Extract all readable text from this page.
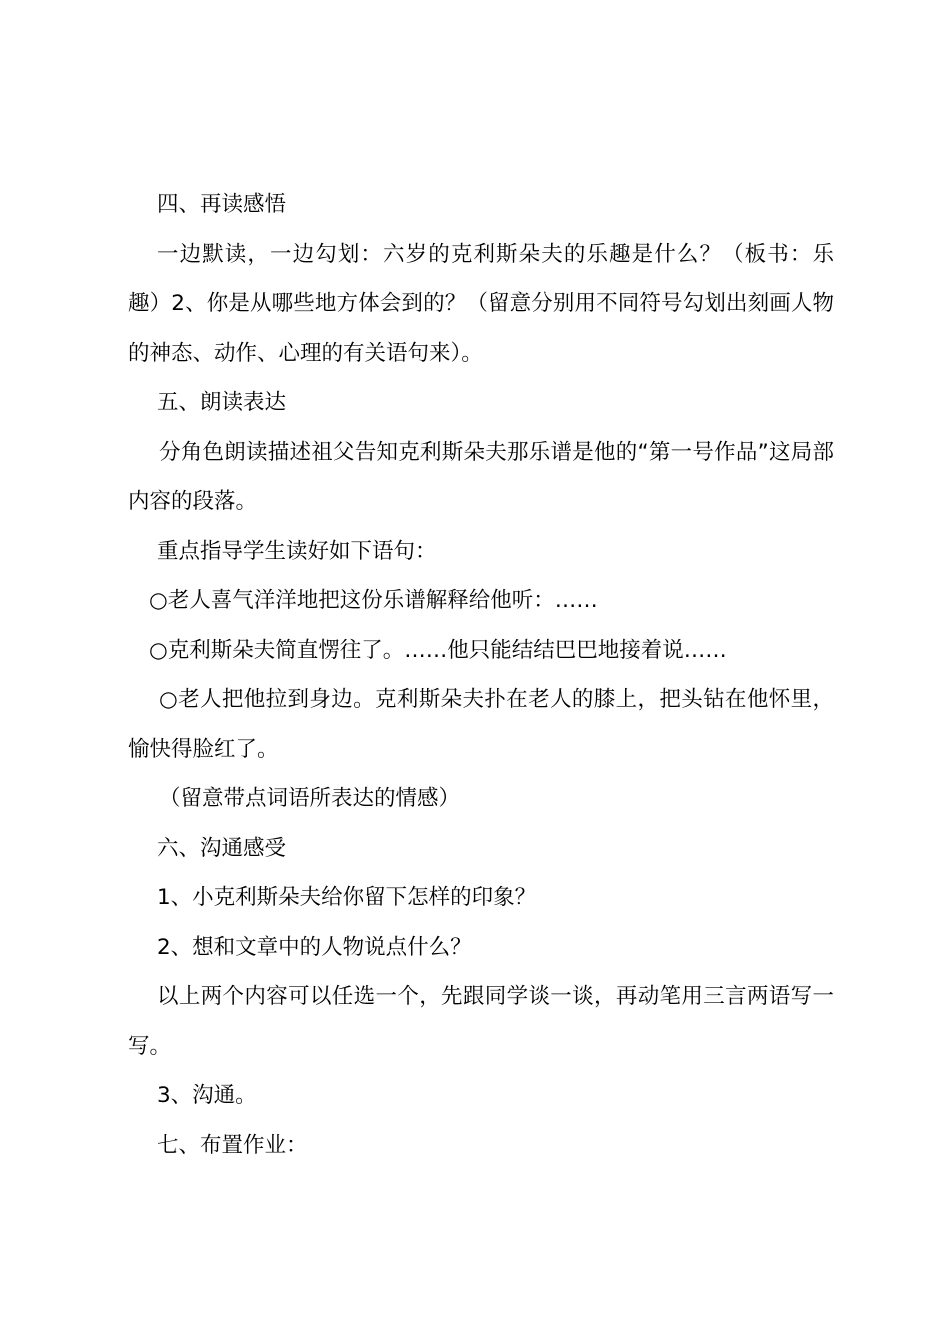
四、再读感悟

一边默读，一边勾划：六岁的克利斯朵夫的乐趣是什么？（板书：乐趣）2、你是从哪些地方体会到的？（留意分别用不同符号勾划出刻画人物的神态、动作、心理的有关语句来）。

五、朗读表达

分角色朗读描述祖父告知克利斯朵夫那乐谱是他的“第一号作品”这局部内容的段落。

重点指导学生读好如下语句：

○老人喜气洋洋地把这份乐谱解释给他听：……

○克利斯朵夫简直愣往了。……他只能结结巴巴地接着说……

○老人把他拉到身边。克利斯朵夫扑在老人的膝上，把头钻在他怀里，愉快得脸红了。

（留意带点词语所表达的情感）

六、沟通感受

1、小克利斯朵夫给你留下怎样的印象？

2、想和文章中的人物说点什么？

以上两个内容可以任选一个，先跟同学谈一谈，再动笔用三言两语写一写。

3、沟通。

七、布置作业：
